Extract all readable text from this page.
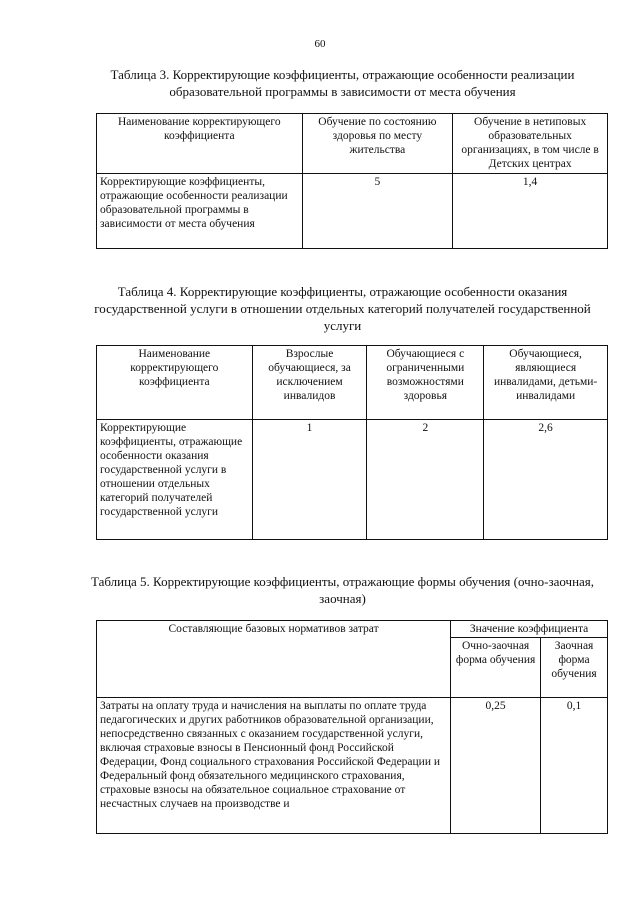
60
Таблица 3. Корректирующие коэффициенты, отражающие особенности реализации образовательной программы в зависимости от места обучения
Наименование корректирующего коэффициента	Обучение по состоянию здоровья по месту жительства	Обучение в нетиповых образовательных организациях, в том числе в Детских центрах
Корректирующие коэффициенты, отражающие особенности реализации образовательной программы в зависимости от места обучения	5	1,4
Таблица 4. Корректирующие коэффициенты, отражающие особенности оказания государственной услуги в отношении отдельных категорий получателей государственной услуги
Наименование корректирующего коэффициента	Взрослые обучающиеся, за исключением инвалидов	Обучающиеся с ограниченными возможностями здоровья	Обучающиеся, являющиеся инвалидами, детьми-инвалидами
Корректирующие коэффициенты, отражающие особенности оказания государственной услуги в отношении отдельных категорий получателей государственной услуги	1	2	2,6
Таблица 5. Корректирующие коэффициенты, отражающие формы обучения (очно-заочная, заочная)
Составляющие базовых нормативов затрат	Значение коэффициента	
	Очно-заочная форма обучения	Заочная форма обучения
Затраты на оплату труда и начисления на выплаты по оплате труда педагогических и других работников образовательной организации, непосредственно связанных с оказанием государственной услуги, включая страховые взносы в Пенсионный фонд Российской Федерации, Фонд социального страхования Российской Федерации и Федеральный фонд обязательного медицинского страхования, страховые взносы на обязательное социальное страхование от несчастных случаев на производстве и	0,25	0,1
